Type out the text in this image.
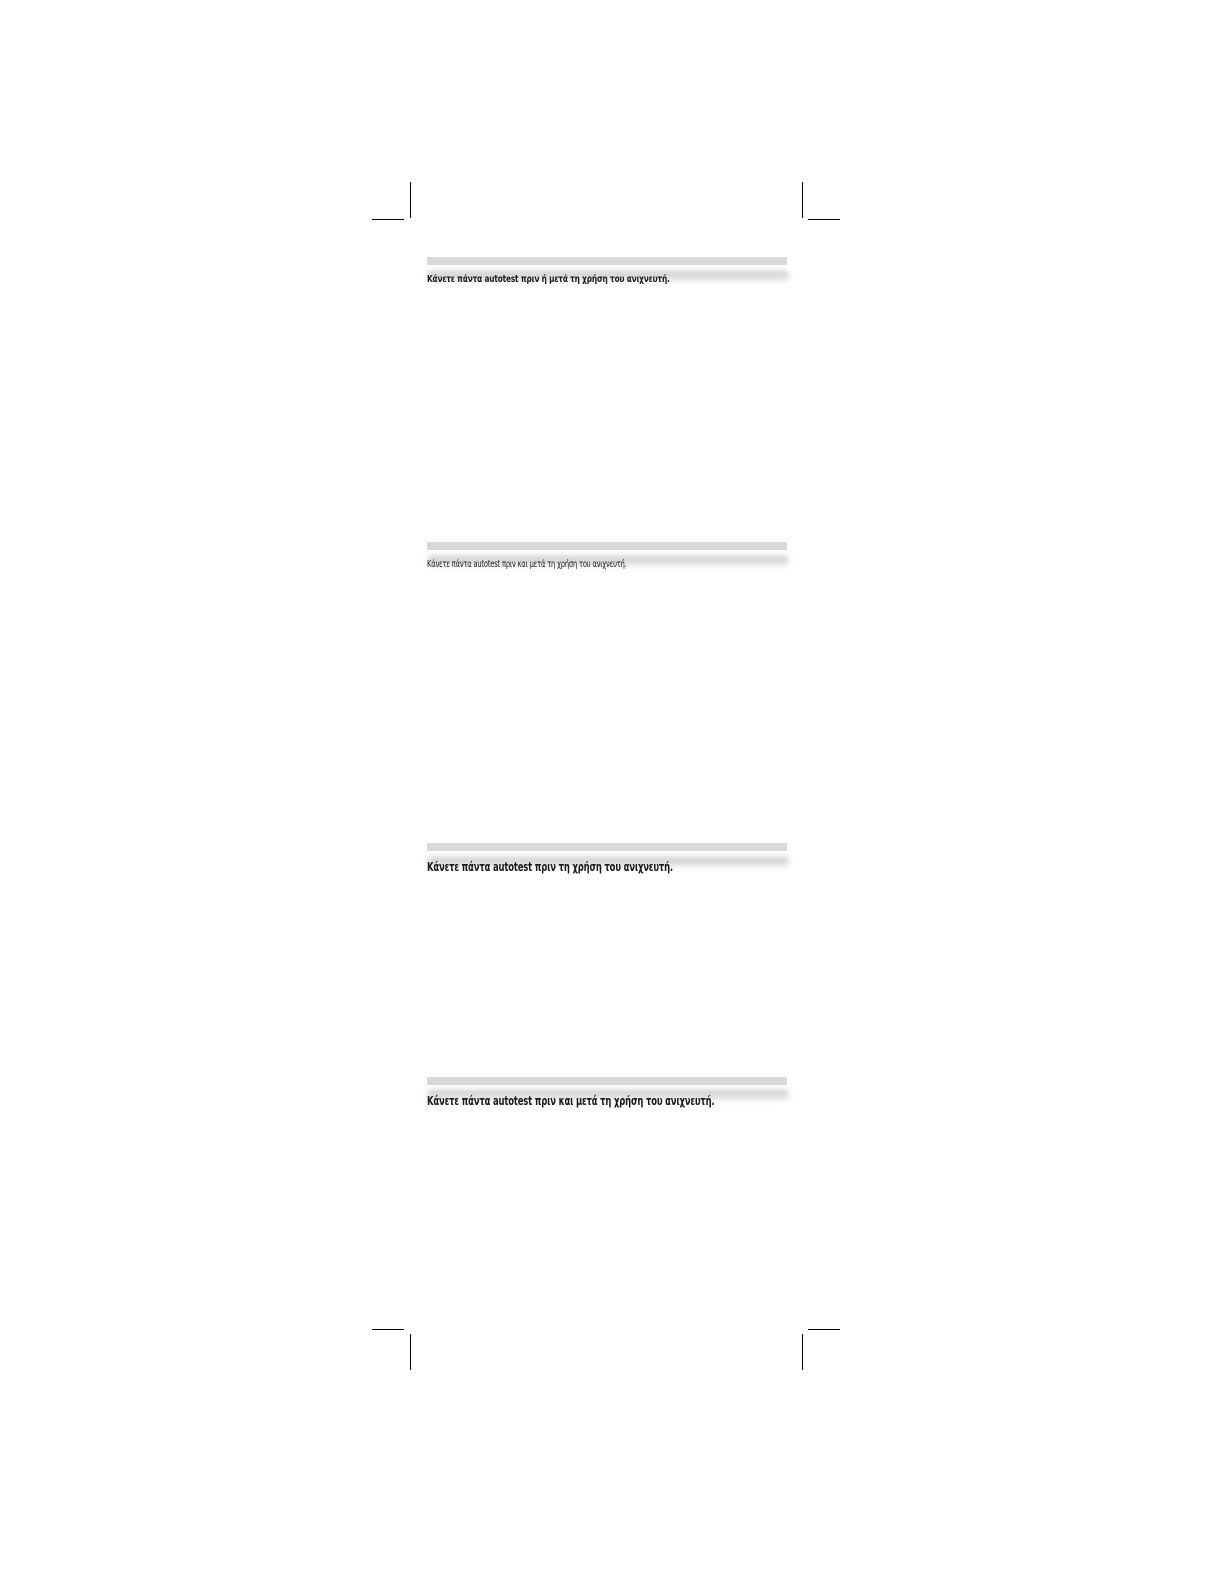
Κάνετε πάντα autotest πριν ή μετά τη χρήση του ανιχνευτή.
Κάνετε πάντα autotest πριν και μετά τη χρήση του ανιχνευτή.
Κάνετε πάντα autotest πριν τη χρήση του ανιχνευτή.
Κάνετε πάντα autotest πριν και μετά τη χρήση του ανιχνευτή.
